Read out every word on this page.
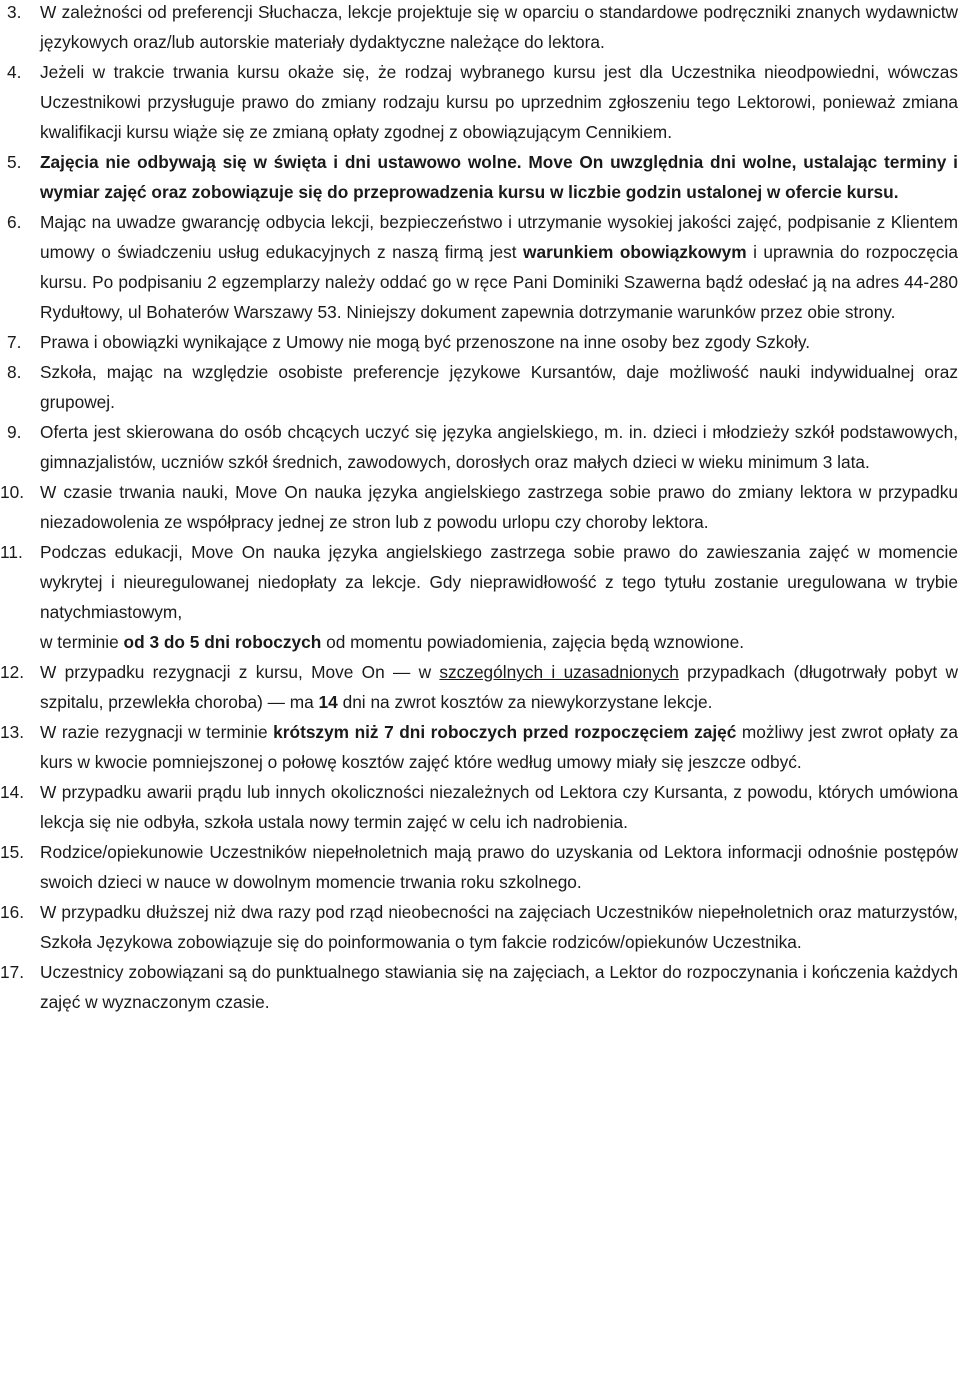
3. W zależności od preferencji Słuchacza, lekcje projektuje się w oparciu o standardowe podręczniki znanych wydawnictw językowych oraz/lub autorskie materiały dydaktyczne należące do lektora.
4. Jeżeli w trakcie trwania kursu okaże się, że rodzaj wybranego kursu jest dla Uczestnika nieodpowiedni, wówczas Uczestnikowi przysługuje prawo do zmiany rodzaju kursu po uprzednim zgłoszeniu tego Lektorowi, ponieważ zmiana kwalifikacji kursu wiąże się ze zmianą opłaty zgodnej z obowiązującym Cennikiem.
5. Zajęcia nie odbywają się w święta i dni ustawowo wolne. Move On uwzględnia dni wolne, ustalając terminy i wymiar zajęć oraz zobowiązuje się do przeprowadzenia kursu w liczbie godzin ustalonej w ofercie kursu.
6. Mając na uwadze gwarancję odbycia lekcji, bezpieczeństwo i utrzymanie wysokiej jakości zajęć, podpisanie z Klientem umowy o świadczeniu usług edukacyjnych z naszą firmą jest warunkiem obowiązkowym i uprawnia do rozpoczęcia kursu. Po podpisaniu 2 egzemplarzy należy oddać go w ręce Pani Dominiki Szawerna bądź odesłać ją na adres 44-280 Rydułtowy, ul Bohaterów Warszawy 53. Niniejszy dokument zapewnia dotrzymanie warunków przez obie strony.
7. Prawa i obowiązki wynikające z Umowy nie mogą być przenoszone na inne osoby bez zgody Szkoły.
8. Szkoła, mając na względzie osobiste preferencje językowe Kursantów, daje możliwość nauki indywidualnej oraz grupowej.
9. Oferta jest skierowana do osób chcących uczyć się języka angielskiego, m. in. dzieci i młodzieży szkół podstawowych, gimnazjalistów, uczniów szkół średnich, zawodowych, dorosłych oraz małych dzieci w wieku minimum 3 lata.
10. W czasie trwania nauki, Move On nauka języka angielskiego zastrzega sobie prawo do zmiany lektora w przypadku niezadowolenia ze współpracy jednej ze stron lub z powodu urlopu czy choroby lektora.
11. Podczas edukacji, Move On nauka języka angielskiego zastrzega sobie prawo do zawieszania zajęć w momencie wykrytej i nieuregulowanej niedopłaty za lekcje. Gdy nieprawidłowość z tego tytułu zostanie uregulowana w trybie natychmiastowym,
w terminie od 3 do 5 dni roboczych od momentu powiadomienia, zajęcia będą wznowione.
12. W przypadku rezygnacji z kursu, Move On — w szczególnych i uzasadnionych przypadkach (długotrwały pobyt w szpitalu, przewlekła choroba) — ma 14 dni na zwrot kosztów za niewykorzystane lekcje.
13. W razie rezygnacji w terminie krótszym niż 7 dni roboczych przed rozpoczęciem zajęć możliwy jest zwrot opłaty za kurs w kwocie pomniejszonej o połowę kosztów zajęć które według umowy miały się jeszcze odbyć.
14. W przypadku awarii prądu lub innych okoliczności niezależnych od Lektora czy Kursanta, z powodu, których umówiona lekcja się nie odbyła, szkoła ustala nowy termin zajęć w celu ich nadrobienia.
15. Rodzice/opiekunowie Uczestników niepełnoletnich mają prawo do uzyskania od Lektora informacji odnośnie postępów swoich dzieci w nauce w dowolnym momencie trwania roku szkolnego.
16. W przypadku dłuższej niż dwa razy pod rząd nieobecności na zajęciach Uczestników niepełnoletnich oraz maturzystów, Szkoła Językowa zobowiązuje się do poinformowania o tym fakcie rodziców/opiekunów Uczestnika.
17. Uczestnicy zobowiązani są do punktualnego stawiania się na zajęciach, a Lektor do rozpoczynania i kończenia każdych zajęć w wyznaczonym czasie.
